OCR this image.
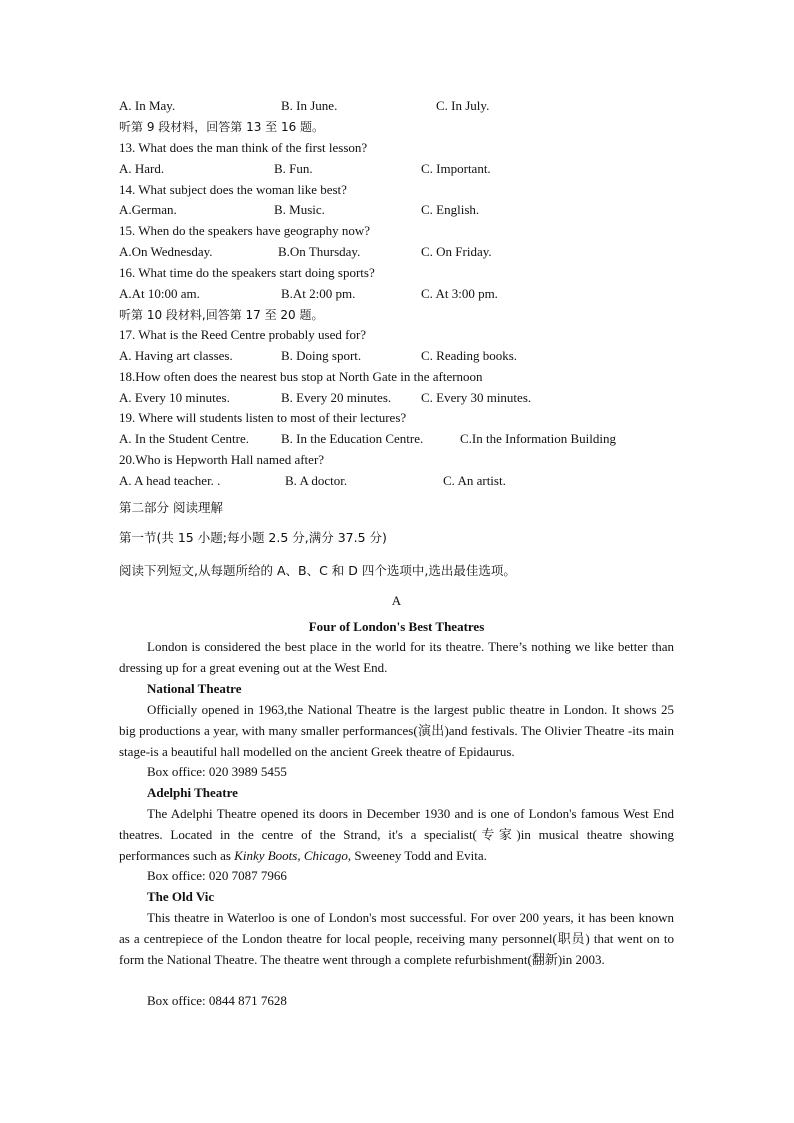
A. In May.	B. In June.	C. In July.
听第 9 段材料，回答第 13 至 16 题。
13. What does the man think of the first lesson?
A. Hard.	B. Fun.	C. Important.
14. What subject does the woman like best?
A.German.	B. Music.	C. English.
15. When do the speakers have geography now?
A.On Wednesday.	B.On Thursday.	C. On Friday.
16. What time do the speakers start doing sports?
A.At 10:00 am.	B.At 2:00 pm.	C. At 3:00 pm.
听第 10 段材料,回答第 17 至 20 题。
17. What is the Reed Centre probably used for?
A. Having art classes.	B. Doing sport.	C. Reading books.
18.How often does the nearest bus stop at North Gate in the afternoon
A. Every 10 minutes.	B. Every 20 minutes. C. Every 30 minutes.
19. Where will students listen to most of their lectures?
A. In the Student Centre. B. In the Education Centre.	C.In the Information Building
20.Who is Hepworth Hall named after?
A. A head teacher. .	B. A doctor.	C. An artist.
第二部分 阅读理解
第一节(共 15 小题;每小题 2.5 分,满分 37.5 分)
阅读下列短文,从每题所给的 A、B、C 和 D 四个选项中,选出最佳选项。
A
Four of London's Best Theatres
London is considered the best place in the world for its theatre. There’s nothing we like better than dressing up for a great evening out at the West End.
National Theatre
Officially opened in 1963,the National Theatre is the largest public theatre in London. It shows 25 big productions a year, with many smaller performances(演出)and festivals. The Olivier Theatre -its main stage-is a beautiful hall modelled on the ancient Greek theatre of Epidaurus.
Box office: 020 3989 5455
Adelphi Theatre
The Adelphi Theatre opened its doors in December 1930 and is one of London's famous West End theatres. Located in the centre of the Strand, it's a specialist(专家)in musical theatre showing performances such as Kinky Boots, Chicago, Sweeney Todd and Evita.
Box office: 020 7087 7966
The Old Vic
This theatre in Waterloo is one of London's most successful. For over 200 years, it has been known as a centrepiece of the London theatre for local people, receiving many personnel(职员) that went on to form the National Theatre. The theatre went through a complete refurbishment(翻新)in 2003.
Box office: 0844 871 7628
